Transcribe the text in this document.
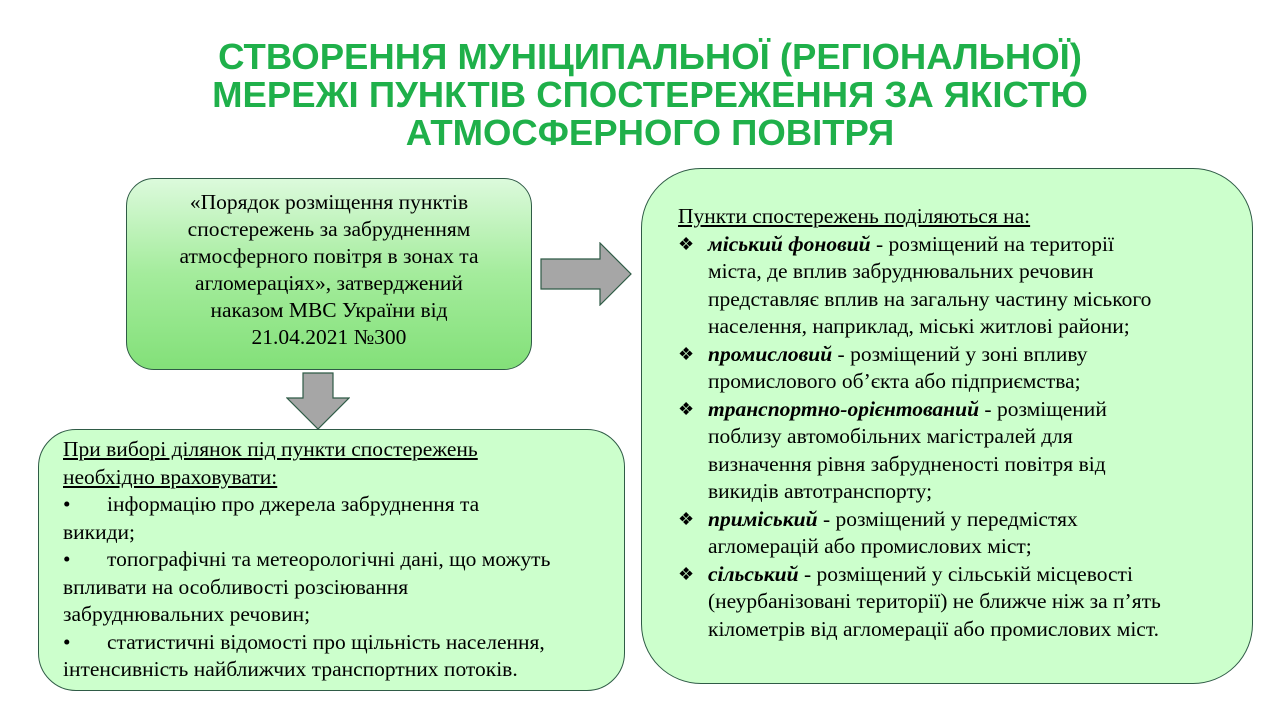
СТВОРЕННЯ МУНІЦИПАЛЬНОЇ (РЕГІОНАЛЬНОЇ)
МЕРЕЖІ ПУНКТІВ СПОСТЕРЕЖЕННЯ ЗА ЯКІСТЮ
АТМОСФЕРНОГО ПОВІТРЯ
«Порядок розміщення пунктів
спостережень за забрудненням
атмосферного повітря в зонах та
агломераціях», затверджений
наказом МВС України від
21.04.2021 №300
При виборі ділянок під пункти спостережень
необхідно враховувати:
• інформацію про джерела забруднення та
викиди;
• топографічні та метеорологічні дані, що можуть
впливати на особливості розсіювання
забруднювальних речовин;
• статистичні відомості про щільність населення,
інтенсивність найближчих транспортних потоків.
Пункти спостережень поділяються на:
❖ міський фоновий - розміщений на території
міста, де вплив забруднювальних речовин
представляє вплив на загальну частину міського
населення, наприклад, міські житлові райони;
❖ промисловий - розміщений у зоні впливу
промислового об’єкта або підприємства;
❖ транспортно-орієнтований - розміщений
поблизу автомобільних магістралей для
визначення рівня забрудненості повітря від
викидів автотранспорту;
❖ приміський - розміщений у передмістях
агломерацій або промислових міст;
❖ сільський - розміщений у сільській місцевості
(неурбанізовані території) не ближче ніж за п’ять
кілометрів від агломерації або промислових міст.
